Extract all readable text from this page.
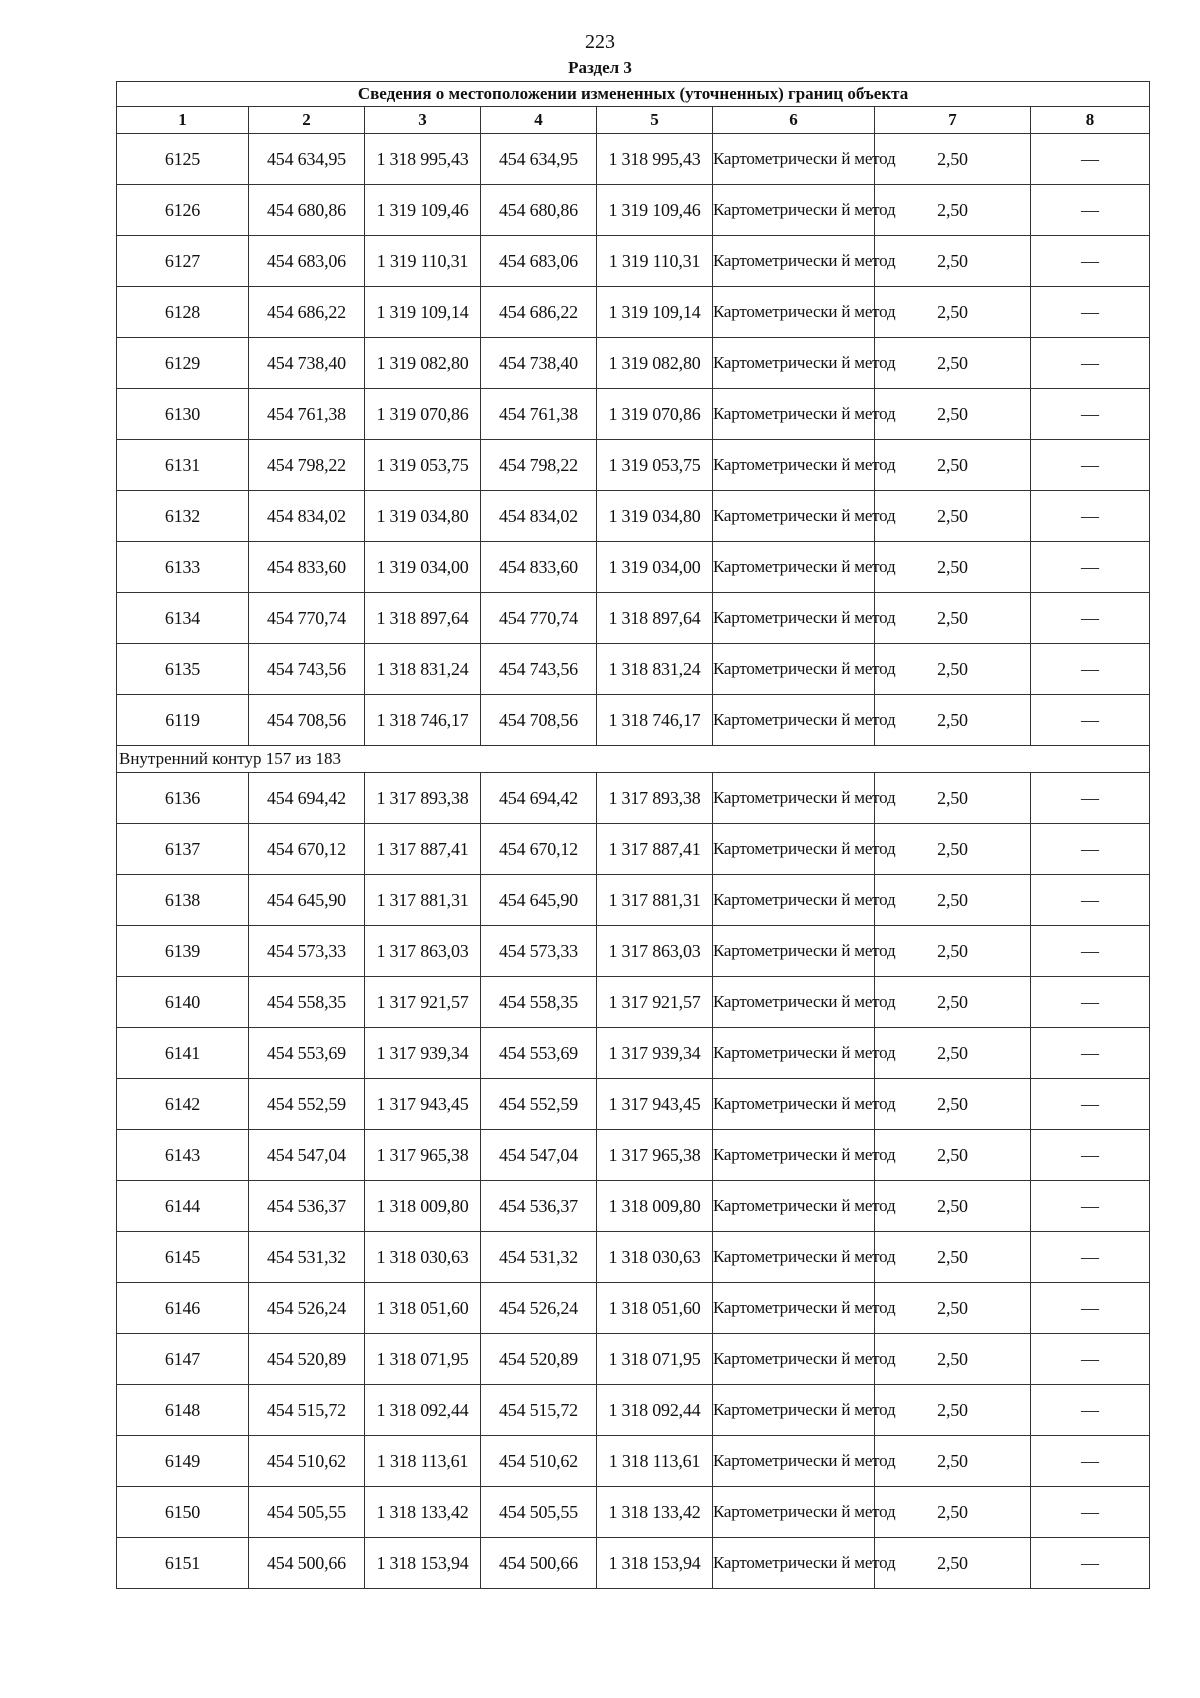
223
Раздел 3
Сведения о местоположении измененных (уточненных) границ объекта							
1	2	3	4	5	6	7	8
6125	454 634,95	1 318 995,43	454 634,95	1 318 995,43	Картометрически й метод	2,50	—
6126	454 680,86	1 319 109,46	454 680,86	1 319 109,46	Картометрически й метод	2,50	—
6127	454 683,06	1 319 110,31	454 683,06	1 319 110,31	Картометрически й метод	2,50	—
6128	454 686,22	1 319 109,14	454 686,22	1 319 109,14	Картометрически й метод	2,50	—
6129	454 738,40	1 319 082,80	454 738,40	1 319 082,80	Картометрически й метод	2,50	—
6130	454 761,38	1 319 070,86	454 761,38	1 319 070,86	Картометрически й метод	2,50	—
6131	454 798,22	1 319 053,75	454 798,22	1 319 053,75	Картометрически й метод	2,50	—
6132	454 834,02	1 319 034,80	454 834,02	1 319 034,80	Картометрически й метод	2,50	—
6133	454 833,60	1 319 034,00	454 833,60	1 319 034,00	Картометрически й метод	2,50	—
6134	454 770,74	1 318 897,64	454 770,74	1 318 897,64	Картометрически й метод	2,50	—
6135	454 743,56	1 318 831,24	454 743,56	1 318 831,24	Картометрически й метод	2,50	—
6119	454 708,56	1 318 746,17	454 708,56	1 318 746,17	Картометрически й метод	2,50	—
Внутренний контур 157 из 183							
6136	454 694,42	1 317 893,38	454 694,42	1 317 893,38	Картометрически й метод	2,50	—
6137	454 670,12	1 317 887,41	454 670,12	1 317 887,41	Картометрически й метод	2,50	—
6138	454 645,90	1 317 881,31	454 645,90	1 317 881,31	Картометрически й метод	2,50	—
6139	454 573,33	1 317 863,03	454 573,33	1 317 863,03	Картометрически й метод	2,50	—
6140	454 558,35	1 317 921,57	454 558,35	1 317 921,57	Картометрически й метод	2,50	—
6141	454 553,69	1 317 939,34	454 553,69	1 317 939,34	Картометрически й метод	2,50	—
6142	454 552,59	1 317 943,45	454 552,59	1 317 943,45	Картометрически й метод	2,50	—
6143	454 547,04	1 317 965,38	454 547,04	1 317 965,38	Картометрически й метод	2,50	—
6144	454 536,37	1 318 009,80	454 536,37	1 318 009,80	Картометрически й метод	2,50	—
6145	454 531,32	1 318 030,63	454 531,32	1 318 030,63	Картометрически й метод	2,50	—
6146	454 526,24	1 318 051,60	454 526,24	1 318 051,60	Картометрически й метод	2,50	—
6147	454 520,89	1 318 071,95	454 520,89	1 318 071,95	Картометрически й метод	2,50	—
6148	454 515,72	1 318 092,44	454 515,72	1 318 092,44	Картометрически й метод	2,50	—
6149	454 510,62	1 318 113,61	454 510,62	1 318 113,61	Картометрически й метод	2,50	—
6150	454 505,55	1 318 133,42	454 505,55	1 318 133,42	Картометрически й метод	2,50	—
6151	454 500,66	1 318 153,94	454 500,66	1 318 153,94	Картометрически й метод	2,50	—
